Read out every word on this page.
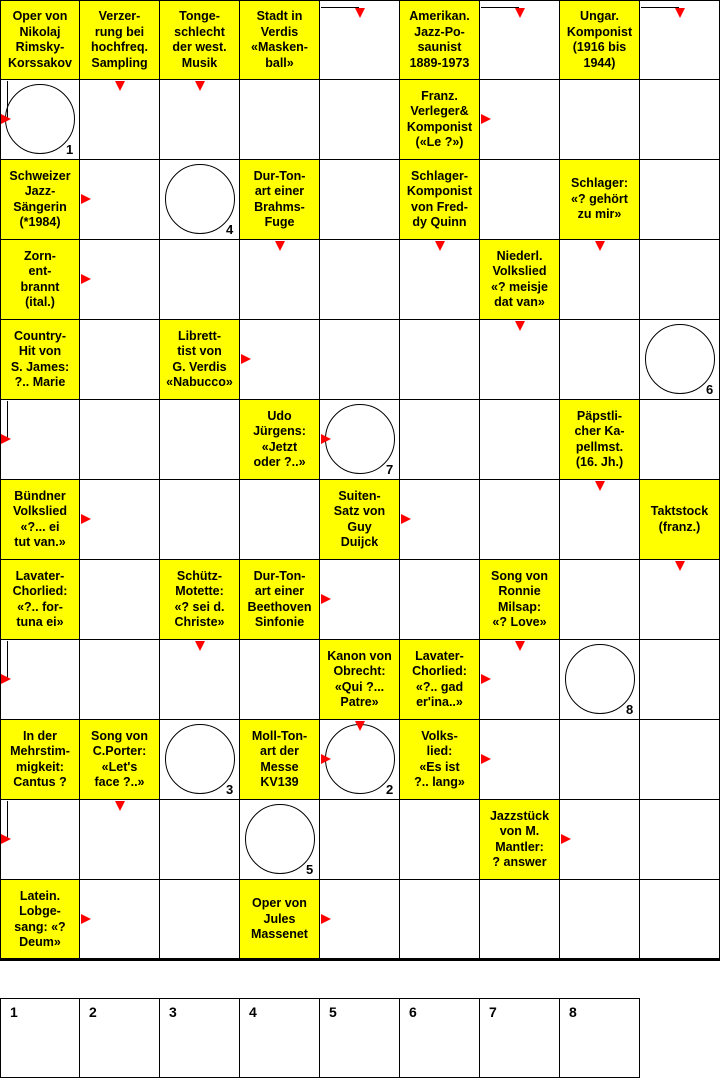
Oper von
Nikolaj
Rimsky-
Korssakov
Verzer-
rung bei
hochfreq.
Sampling
Tonge-
schlecht
der west.
Musik
Stadt in
Verdis
«Masken-
ball»
Amerikan.
Jazz-Po-
saunist
1889-1973
Ungar.
Komponist
(1916 bis
1944)
Franz.
Verleger&
Komponist
(«Le ?»)
Schweizer
Jazz-
Sängerin
(*1984)
Dur-Ton-
art einer
Brahms-
Fuge
Schlager-
Komponist
von Fred-
dy Quinn
Schlager:
«? gehört
zu mir»
Zorn-
ent-
brannt
(ital.)
Niederl.
Volkslied
«? meisje
dat van»
Country-
Hit von
S. James:
?.. Marie
Librett-
tist von
G. Verdis
«Nabucco»
Udo
Jürgens:
«Jetzt
oder ?..»
Päpstli-
cher Ka-
pellmst.
(16. Jh.)
Bündner
Volkslied
«?... ei
tut van.»
Suiten-
Satz von
Guy
Duijck
Taktstock
(franz.)
Lavater-
Chorlied:
«?.. for-
tuna ei»
Schütz-
Motette:
«? sei d.
Christe»
Dur-Ton-
art einer
Beethoven
Sinfonie
Song von
Ronnie
Milsap:
«? Love»
Kanon von
Obrecht:
«Qui ?...
Patre»
Lavater-
Chorlied:
«?.. gad
er'ina..»
In der
Mehrstim-
migkeit:
Cantus ?
Song von
C.Porter:
«Let's
face ?..»
Moll-Ton-
art der
Messe
KV139
Volks-
lied:
«Es ist
?.. lang»
Jazzstück
von M.
Mantler:
? answer
Latein.
Lobge-
sang: «?
Deum»
Oper von
Jules
Massenet
1
2
3
4
5
6
7
8
1	2	3	4	5	6	7	8
